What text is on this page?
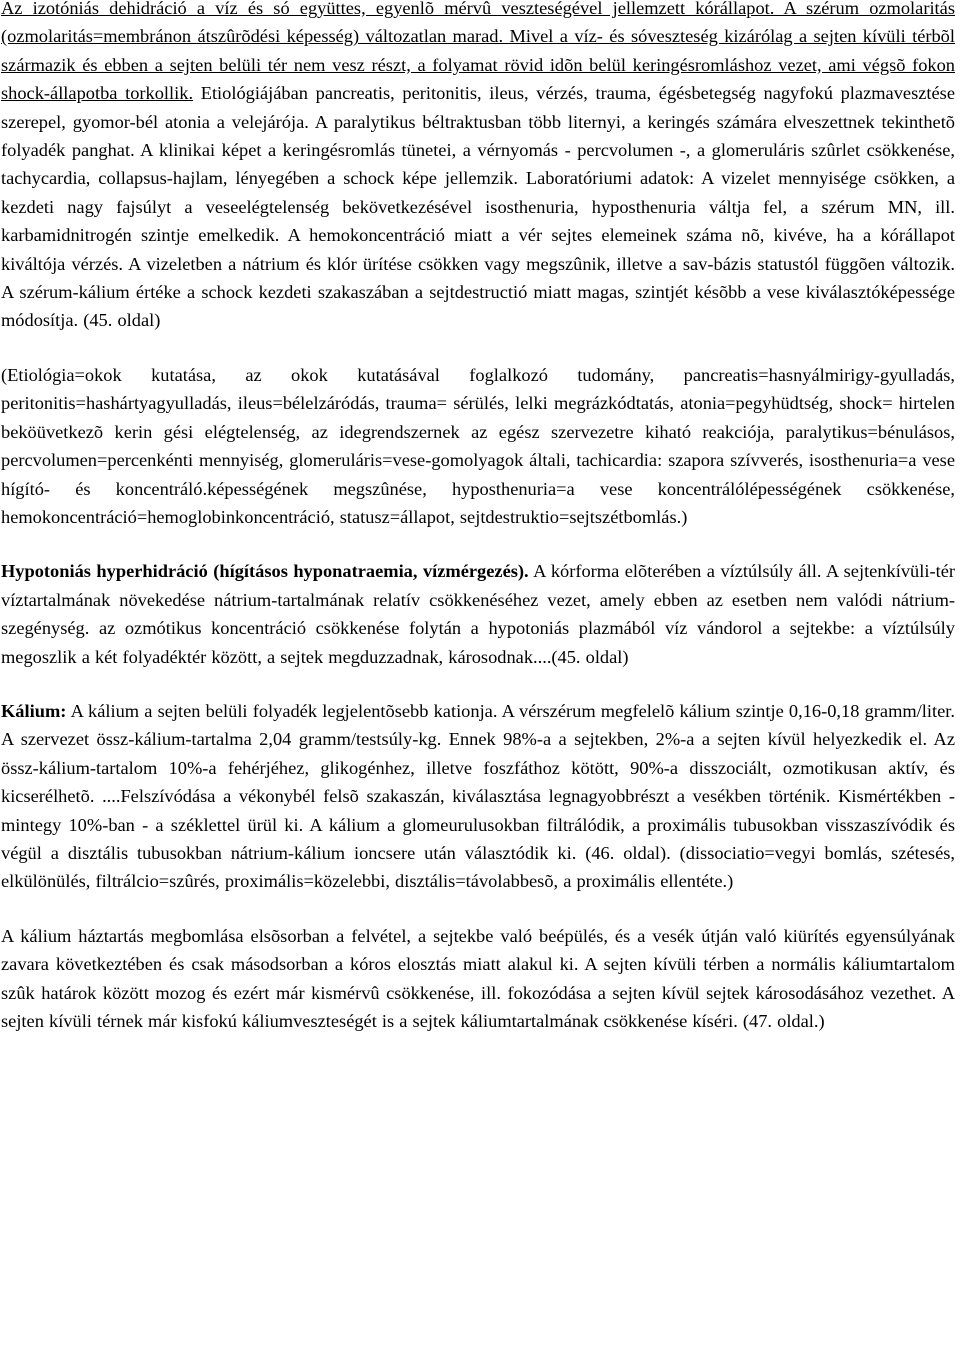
Az izotóniás dehidráció a víz és só együttes, egyenlõ mérvû veszteségével jellemzett kórállapot. A szérum ozmolaritás (ozmolaritás=membránon átszûrõdési képesség) változatlan marad. Mivel a víz- és sóveszteség kizárólag a sejten kívüli térbõl származik és ebben a sejten belüli tér nem vesz részt, a folyamat rövid idõn belül keringésromláshoz vezet, ami végsõ fokon shock-állapotba torkollik. Etiológiájában pancreatis, peritonitis, ileus, vérzés, trauma, égésbetegség nagyfokú plazmavesztése szerepel, gyomor-bél atonia a velejárója. A paralytikus béltraktusban több liternyi, a keringés számára elveszettnek tekinthetõ folyadék panghat. A klinikai képet a keringésromlás tünetei, a vérnyomás - percvolumen -, a glomeruláris szûrlet csökkenése, tachycardia, collapsus-hajlam, lényegében a schock képe jellemzik. Laboratóriumi adatok: A vizelet mennyisége csökken, a kezdeti nagy fajsúlyt a veseelégtelenség bekövetkezésével isosthenuria, hyposthenuria váltja fel, a szérum MN, ill. karbamidnitrogén szintje emelkedik. A hemokoncentráció miatt a vér sejtes elemeinek száma nõ, kivéve, ha a kórállapot kiváltója vérzés. A vizeletben a nátrium és klór ürítése csökken vagy megszûnik, illetve a sav-bázis statustól függõen változik. A szérum-kálium értéke a schock kezdeti szakaszában a sejtdestructió miatt magas, szintjét késõbb a vese kiválasztóképessége módosítja. (45. oldal)

(Etiológia=okok kutatása, az okok kutatásával foglalkozó tudomány, pancreatis=hasnyálmirigy-gyulladás, peritonitis=hashártyagyulladás, ileus=bélelzáródás, trauma= sérülés, lelki megrázkódtatás, atonia=pegyhüdtség, shock= hirtelen beköüvetkezõ kerin gési elégtelenség, az idegrendszernek az egész szervezetre kiható reakciója, paralytikus=bénulásos, percvolumen=percenkénti mennyiség, glomeruláris=vese-gomolyagok általi, tachicardia: szapora szívverés, isosthenuria=a vese hígító- és koncentráló.képességének megszûnése, hyposthenuria=a vese koncentrálólépességének csökkenése, hemokoncentráció=hemoglobinkoncentráció, statusz=állapot, sejtdestruktio=sejtszétbomlás.)

Hypotoniás hyperhidráció (hígításos hyponatraemia, vízmérgezés). A kórforma elõterében a víztúlsúly áll. A sejtenkívüli-tér víztartalmának növekedése nátrium-tartalmának relatív csökkenéséhez vezet, amely ebben az esetben nem valódi nátrium-szegénység. az ozmótikus koncentráció csökkenése folytán a hypotoniás plazmából víz vándorol a sejtekbe: a víztúlsúly megoszlik a két folyadéktér között, a sejtek megduzzadnak, károsodnak....(45. oldal)

Kálium: A kálium a sejten belüli folyadék legjelentõsebb kationja. A vérszérum megfelelõ kálium szintje 0,16-0,18 gramm/liter. A szervezet össz-kálium-tartalma 2,04 gramm/testsúly-kg. Ennek 98%-a a sejtekben, 2%-a a sejten kívül helyezkedik el. Az össz-kálium-tartalom 10%-a fehérjéhez, glikogénhez, illetve foszfáthoz kötött, 90%-a disszociált, ozmotikusan aktív, és kicserélhetõ. ....Felszívódása a vékonybél felsõ szakaszán, kiválasztása legnagyobbrészt a vesékben történik. Kismértékben - mintegy 10%-ban - a széklettel ürül ki. A kálium a glomeurulusokban filtrálódik, a proximális tubusokban visszaszívódik és végül a disztális tubusokban nátrium-kálium ioncsere után választódik ki. (46. oldal). (dissociatio=vegyi bomlás, szétesés, elkülönülés, filtrálcio=szûrés, proximális=közelebbi, disztális=távolabbesõ, a proximális ellentéte.)

A kálium háztartás megbomlása elsõsorban a felvétel, a sejtekbe való beépülés, és a vesék útján való kiürítés egyensúlyának zavara következtében és csak másodsorban a kóros elosztás miatt alakul ki. A sejten kívüli térben a normális káliumtartalom szûk határok között mozog és ezért már kismérvû csökkenése, ill. fokozódása a sejten kívül sejtek károsodásához vezethet. A sejten kívüli térnek már kisfokú káliumveszteségét is a sejtek káliumtartalmának csökkenése kíséri. (47. oldal.)
